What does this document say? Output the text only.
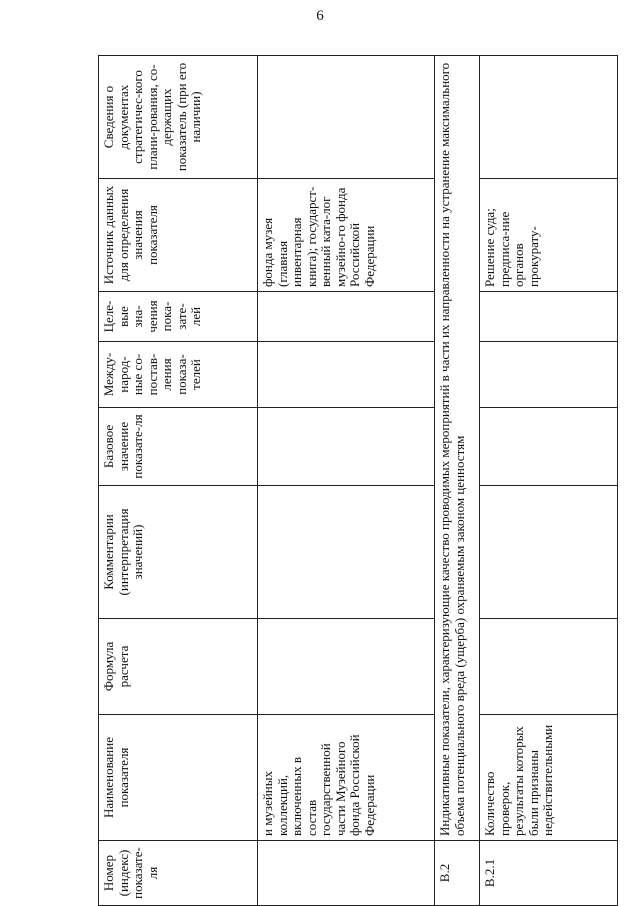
6
Номер (индекс) показате-ля	Наименование показателя	Формула расчета	Комментарии (интерпретация значений)	Базовое значение показате-ля	Между-народ-ные со-постав-ления показа-телей	Целе-вые зна-чения пока-зате-лей	Источник данных для определения значения показателя	Сведения о документах стратегичес-кого плани-рования, со-держащих показатель (при его наличии)
	и музейных коллекций, включенных в состав государственной части Музейного фонда Российской Федерации						фонда музея (главная инвентарная книга); государст-венный ката-лог музейно-го фонда Российской Федерации	
B.2	Индикативные показатели, характеризующие качество проводимых мероприятий в части их направленности на устранение максимального объема потенциального вреда (ущерба) охраняемым законом ценностям							
B.2.1	Количество проверок, результаты которых были признаны недействительными						Решение суда; предписа-ние органов прокурату-	
